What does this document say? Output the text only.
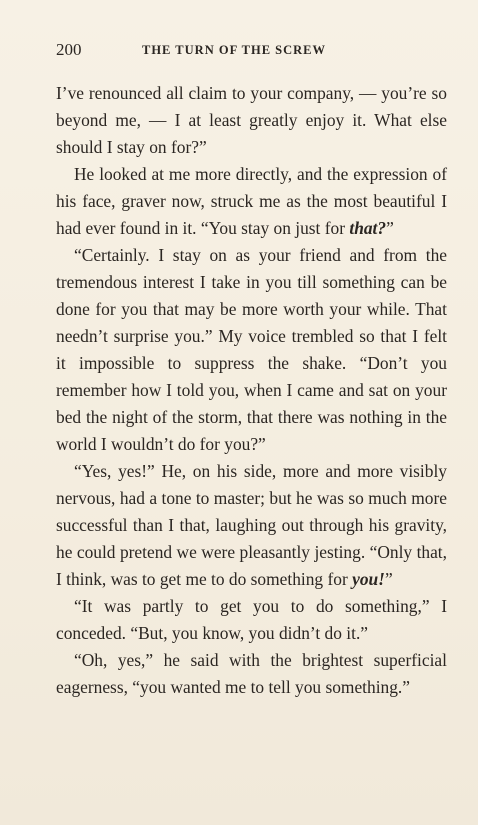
200	THE TURN OF THE SCREW

I’ve renounced all claim to your company, — you’re so beyond me, — I at least greatly enjoy it. What else should I stay on for?”

He looked at me more directly, and the expression of his face, graver now, struck me as the most beautiful I had ever found in it. “You stay on just for that?”

“Certainly. I stay on as your friend and from the tremendous interest I take in you till something can be done for you that may be more worth your while. That needn’t surprise you.” My voice trembled so that I felt it impossible to suppress the shake. “Don’t you remember how I told you, when I came and sat on your bed the night of the storm, that there was nothing in the world I wouldn’t do for you?”

“Yes, yes!” He, on his side, more and more visibly nervous, had a tone to master; but he was so much more successful than I that, laughing out through his gravity, he could pretend we were pleasantly jesting. “Only that, I think, was to get me to do something for you!”

“It was partly to get you to do something,” I conceded. “But, you know, you didn’t do it.”

“Oh, yes,” he said with the brightest superficial eagerness, “you wanted me to tell you something.”
